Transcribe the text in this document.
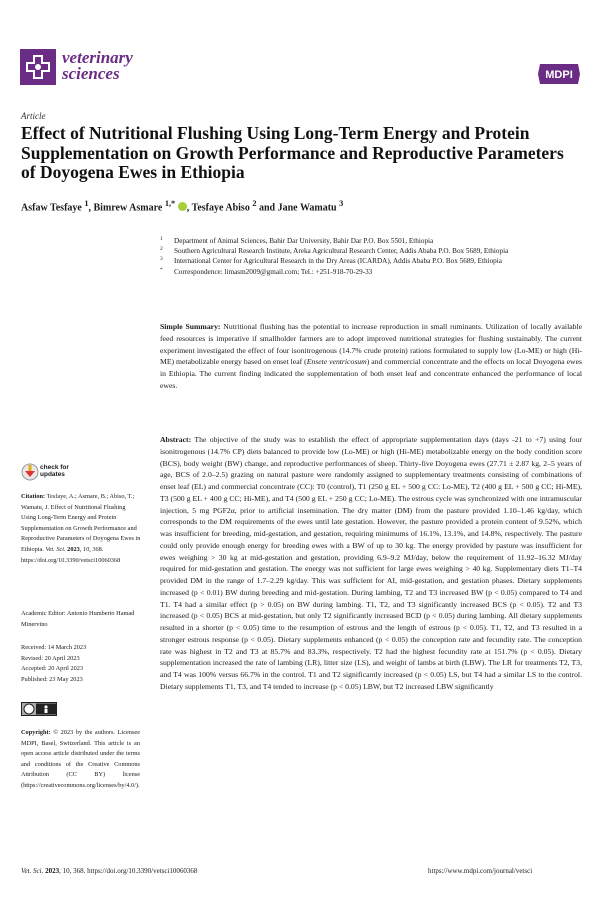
veterinary
sciences	MDPI
Article
Effect of Nutritional Flushing Using Long-Term Energy and Protein Supplementation on Growth Performance and Reproductive Parameters of Doyogena Ewes in Ethiopia
Asfaw Tesfaye $^1$, Bimrew Asmare $^{1,*}$ , Tesfaye Abiso $^2$ and Jane Wamatu $^3$
1 Department of Animal Sciences, Bahir Dar University, Bahir Dar P.O. Box 5501, Ethiopia
2 Southern Agricultural Research Institute, Areka Agricultural Research Center, Addis Ababa P.O. Box 5689, Ethiopia
3 International Center for Agricultural Research in the Dry Areas (ICARDA), Addis Ababa P.O. Box 5689, Ethiopia
* Correspondence: limasm2009@gmail.com; Tel.: +251-918-70-29-33
Simple Summary: Nutritional flushing has the potential to increase reproduction in small ruminants. Utilization of locally available feed resources is imperative if smallholder farmers are to adopt improved nutritional strategies for flushing sustainably. The current experiment investigated the effect of four isonitrogenous (14.7% crude protein) rations formulated to supply low (Lo-ME) or high (Hi-ME) metabolizable energy based on enset leaf (Ensete ventricosum) and commercial concentrate and the effects on local Doyogena ewes in Ethiopia. The current finding indicated the supplementation of both enset leaf and concentrate enhanced the performance of local ewes.
Abstract: The objective of the study was to establish the effect of appropriate supplementation days (days -21 to +7) using four isonitrogenous (14.7% CP) diets balanced to provide low (Lo-ME) or high (Hi-ME) metabolizable energy on the body condition score (BCS), body weight (BW) change, and reproductive performances of sheep. Thirty-five Doyogena ewes (27.71 ± 2.87 kg, 2–5 years of age, BCS of 2.0–2.5) grazing on natural pasture were randomly assigned to supplementary treatments consisting of combinations of enset leaf (EL) and commercial concentrate (CC): T0 (control), T1 (250 g EL + 500 g CC: Lo-ME), T2 (400 g EL + 500 g CC; Hi-ME), T3 (500 g EL + 400 g CC; Hi-ME), and T4 (500 g EL + 250 g CC; Lo-ME). The estrous cycle was synchronized with one intramuscular injection, 5 mg PGF2α, prior to artificial insemination. The dry matter (DM) from the pasture provided 1.10–1.46 kg/day, which corresponds to the DM requirements of the ewes until late gestation. However, the pasture provided a protein content of 9.52%, which was insufficient for breeding, mid-gestation, and gestation, requiring minimums of 16.1%, 13.1%, and 14.8%, respectively. The pasture could only provide enough energy for breeding ewes with a BW of up to 30 kg. The energy provided by pasture was insufficient for ewes weighing > 30 kg at mid-gestation and gestation, providing 6.9–9.2 MJ/day, below the requirement of 11.92–16.32 MJ/day required for mid-gestation and gestation. The energy was not sufficient for large ewes weighing > 40 kg. Supplementary diets T1–T4 provided DM in the range of 1.7–2.29 kg/day. This was sufficient for AI, mid-gestation, and gestation phases. Dietary supplements increased (p < 0.01) BW during breeding and mid-gestation. During lambing, T2 and T3 increased BW (p < 0.05) compared to T4 and T1. T4 had a similar effect (p > 0.05) on BW during lambing. T1, T2, and T3 significantly increased BCS (p < 0.05). T2 and T3 increased (p < 0.05) BCS at mid-gestation, but only T2 significantly increased BCD (p < 0.05) during lambing. All dietary supplements resulted in a shorter (p < 0.05) time to the resumption of estrous and the length of estrous (p < 0.05). T1, T2, and T3 resulted in a stronger estrous response (p < 0.05). Dietary supplements enhanced (p < 0.05) the conception rate and fecundity rate. The conception rate was highest in T2 and T3 at 85.7% and 83.3%, respectively. T2 had the highest fecundity rate at 151.7% (p < 0.05). Dietary supplementation increased the rate of lambing (LR), litter size (LS), and weight of lambs at birth (LBW). The LR for treatments T2, T3, and T4 was 100% versus 66.7% in the control. T1 and T2 significantly increased (p < 0.05) LS, but T4 had a similar LS to the control. Dietary supplements T1, T3, and T4 tended to increase (p < 0.05) LBW, but T2 increased LBW significantly
check for
updates
Citation: Tesfaye, A.; Asmare, B.; Abiso, T.; Wamatu, J. Effect of Nutritional Flushing Using Long-Term Energy and Protein Supplementation on Growth Performance and Reproductive Parameters of Doyogena Ewes in Ethiopia. Vet. Sci. 2023, 10, 368. https://doi.org/10.3390/vetsci10060368
Academic Editor: Antonio Humberto Hamad Minervino
Received: 14 March 2023
Revised: 20 April 2023
Accepted: 20 April 2023
Published: 23 May 2023
Copyright: © 2023 by the authors. Licensee MDPI, Basel, Switzerland. This article is an open access article distributed under the terms and conditions of the Creative Commons Attribution (CC BY) license (https://creativecommons.org/licenses/by/4.0/).
Vet. Sci. 2023, 10, 368. https://doi.org/10.3390/vetsci10060368	https://www.mdpi.com/journal/vetsci
